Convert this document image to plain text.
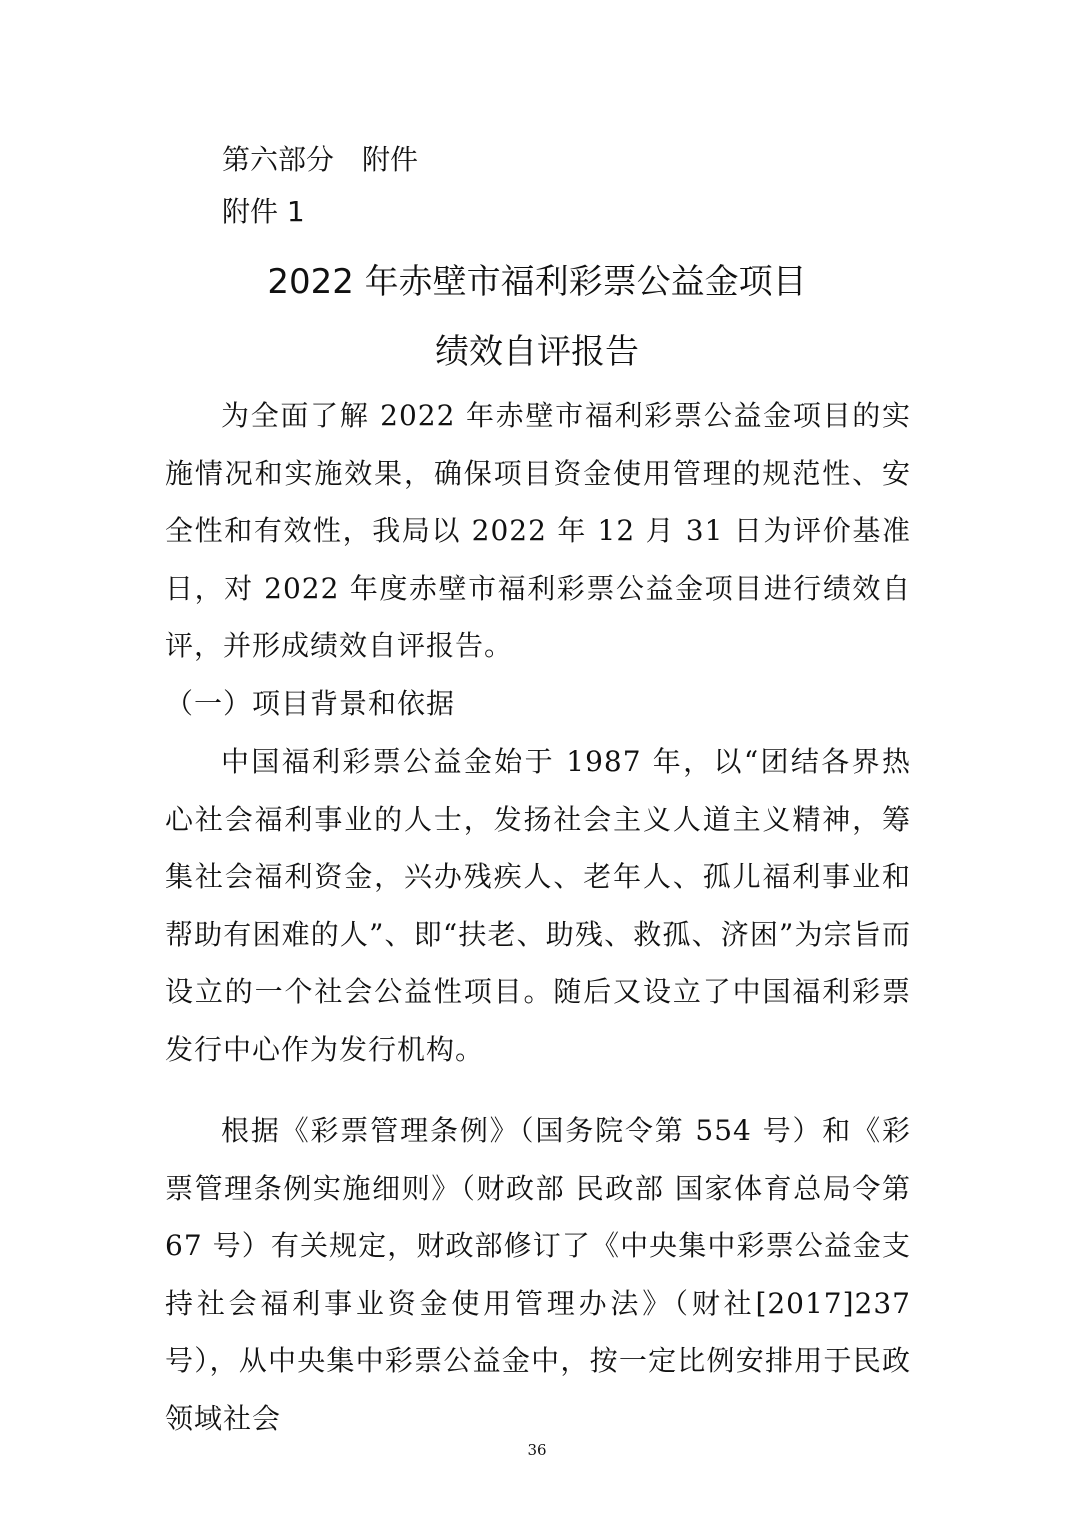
第六部分　附件
附件 1
2022 年赤壁市福利彩票公益金项目
绩效自评报告
为全面了解 2022 年赤壁市福利彩票公益金项目的实施情况和实施效果，确保项目资金使用管理的规范性、安全性和有效性，我局以 2022 年 12 月 31 日为评价基准日，对 2022 年度赤壁市福利彩票公益金项目进行绩效自评，并形成绩效自评报告。
（一）项目背景和依据
中国福利彩票公益金始于 1987 年，以“团结各界热心社会福利事业的人士，发扬社会主义人道主义精神，筹集社会福利资金，兴办残疾人、老年人、孤儿福利事业和帮助有困难的人”、即“扶老、助残、救孤、济困”为宗旨而设立的一个社会公益性项目。随后又设立了中国福利彩票发行中心作为发行机构。
根据《彩票管理条例》（国务院令第 554 号）和《彩票管理条例实施细则》（财政部 民政部 国家体育总局令第 67 号）有关规定，财政部修订了《中央集中彩票公益金支持社会福利事业资金使用管理办法》（财社[2017]237 号），从中央集中彩票公益金中，按一定比例安排用于民政领域社会
36
